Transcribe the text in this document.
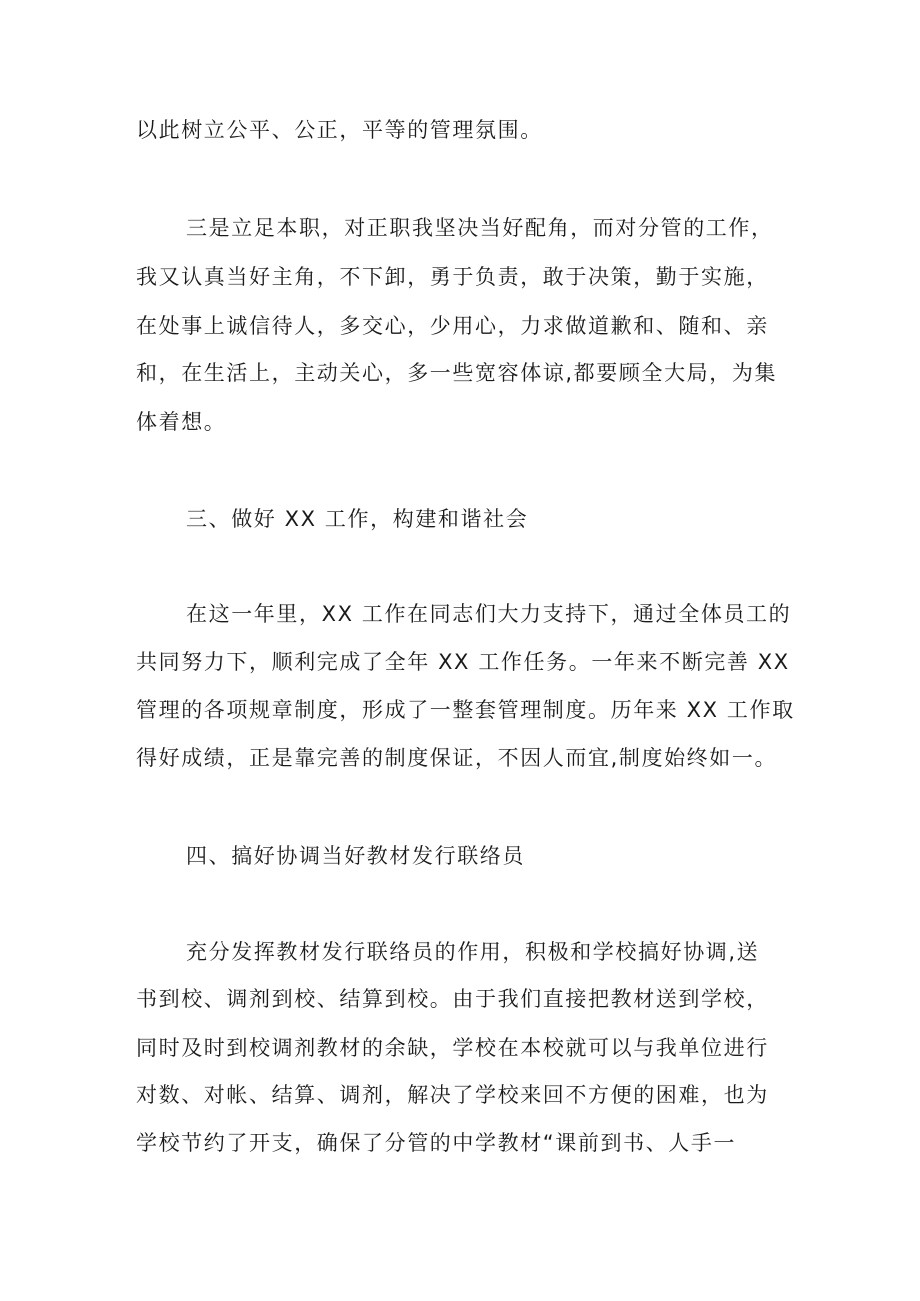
以此树立公平、公正，平等的管理氛围。
三是立足本职，对正职我坚决当好配角，而对分管的工作，
我又认真当好主角，不下卸，勇于负责，敢于决策，勤于实施，
在处事上诚信待人，多交心，少用心，力求做道歉和、随和、亲
和，在生活上，主动关心，多一些宽容体谅,都要顾全大局，为集
体着想。
三、做好 XX 工作，构建和谐社会
在这一年里，XX 工作在同志们大力支持下，通过全体员工的
共同努力下，顺利完成了全年 XX 工作任务。一年来不断完善 XX
管理的各项规章制度，形成了一整套管理制度。历年来 XX 工作取
得好成绩，正是靠完善的制度保证，不因人而宜,制度始终如一。
四、搞好协调当好教材发行联络员
充分发挥教材发行联络员的作用，积极和学校搞好协调,送
书到校、调剂到校、结算到校。由于我们直接把教材送到学校，
同时及时到校调剂教材的余缺，学校在本校就可以与我单位进行
对数、对帐、结算、调剂，解决了学校来回不方便的困难，也为
学校节约了开支，确保了分管的中学教材“课前到书、人手一
